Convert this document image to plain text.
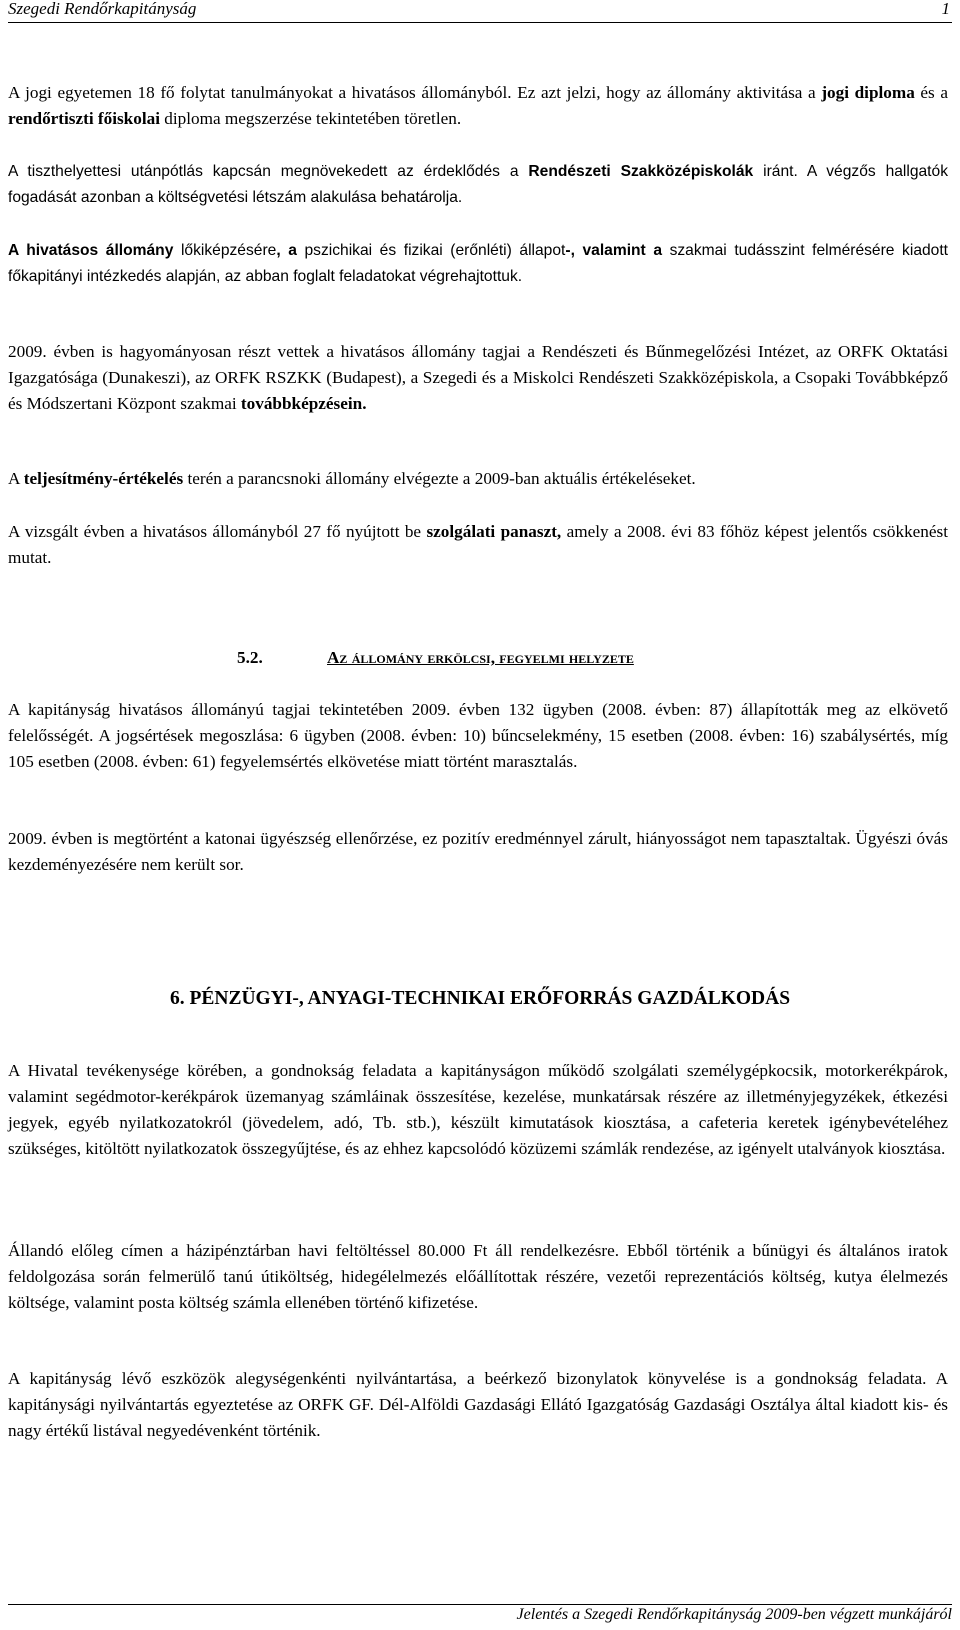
Szegedi Rendőrkapitányság	1

A jogi egyetemen 18 fő folytat tanulmányokat a hivatásos állományból. Ez azt jelzi, hogy az állomány aktivitása a jogi diploma és a rendőrtiszti főiskolai diploma megszerzése tekintetében töretlen.

A tiszthelyettesi utánpótlás kapcsán megnövekedett az érdeklődés a Rendészeti Szakközépiskolák iránt. A végzős hallgatók fogadását azonban a költségvetési létszám alakulása behatárolja.

A hivatásos állomány lőkiképzésére, a pszichikai és fizikai (erőnléti) állapot-, valamint a szakmai tudásszint felmérésére kiadott főkapitányi intézkedés alapján, az abban foglalt feladatokat végrehajtottuk.

2009. évben is hagyományosan részt vettek a hivatásos állomány tagjai a Rendészeti és Bűnmegelőzési Intézet, az ORFK Oktatási Igazgatósága (Dunakeszi), az ORFK RSZKK (Budapest), a Szegedi és a Miskolci Rendészeti Szakközépiskola, a Csopaki Továbbképző és Módszertani Központ szakmai továbbképzésein.

A teljesítmény-értékelés terén a parancsnoki állomány elvégezte a 2009-ban aktuális értékeléseket.

A vizsgált évben a hivatásos állományból 27 fő nyújtott be szolgálati panaszt, amely a 2008. évi 83 főhöz képest jelentős csökkenést mutat.

5.2.	Az állomány erkölcsi, fegyelmi helyzete

A kapitányság hivatásos állományú tagjai tekintetében 2009. évben 132 ügyben (2008. évben: 87) állapították meg az elkövető felelősségét. A jogsértések megoszlása: 6 ügyben (2008. évben: 10) bűncselekmény, 15 esetben (2008. évben: 16) szabálysértés, míg 105 esetben (2008. évben: 61) fegyelemsértés elkövetése miatt történt marasztalás.

2009. évben is megtörtént a katonai ügyészség ellenőrzése, ez pozitív eredménnyel zárult, hiányosságot nem tapasztaltak. Ügyészi óvás kezdeményezésére nem került sor.

6. PÉNZÜGYI-, ANYAGI-TECHNIKAI ERŐFORRÁS GAZDÁLKODÁS

A Hivatal tevékenysége körében, a gondnokság feladata a kapitányságon működő szolgálati személygépkocsik, motorkerékpárok, valamint segédmotor-kerékpárok üzemanyag számláinak összesítése, kezelése, munkatársak részére az illetményjegyzékek, étkezési jegyek, egyéb nyilatkozatokról (jövedelem, adó, Tb. stb.), készült kimutatások kiosztása, a cafeteria keretek igénybevételéhez szükséges, kitöltött nyilatkozatok összegyűjtése, és az ehhez kapcsolódó közüzemi számlák rendezése, az igényelt utalványok kiosztása.

Állandó előleg címen a házipénztárban havi feltöltéssel 80.000 Ft áll rendelkezésre. Ebből történik a bűnügyi és általános iratok feldolgozása során felmerülő tanú útiköltség, hidegélelmezés előállítottak részére, vezetői reprezentációs költség, kutya élelmezés költsége, valamint posta költség számla ellenében történő kifizetése.

A kapitányság lévő eszközök alegységenkénti nyilvántartása, a beérkező bizonylatok könyvelése is a gondnokság feladata. A kapitánysági nyilvántartás egyeztetése az ORFK GF. Dél-Alföldi Gazdasági Ellátó Igazgatóság Gazdasági Osztálya által kiadott kis- és nagy értékű listával negyedévenként történik.

Jelentés a Szegedi Rendőrkapitányság 2009-ben végzett munkájáról
